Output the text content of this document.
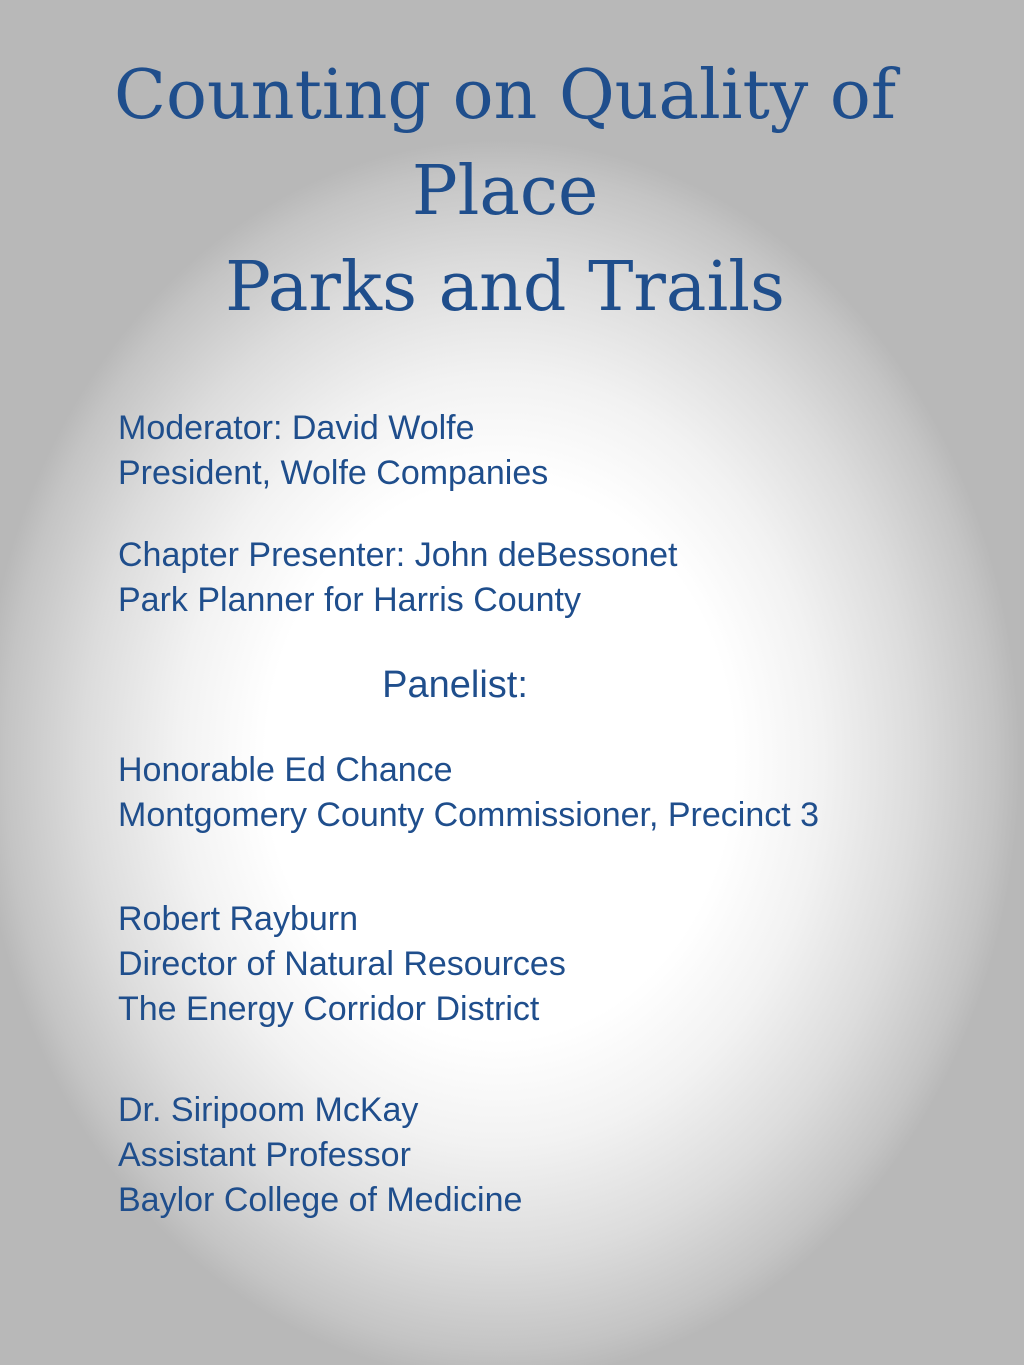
Counting on Quality of
Place
Parks and Trails
Moderator: David Wolfe
President, Wolfe Companies
Chapter Presenter: John deBessonet
Park Planner for Harris County
Panelist:
Honorable Ed Chance
Montgomery County Commissioner, Precinct 3
Robert Rayburn
Director of Natural Resources
The Energy Corridor District
Dr. Siripoom McKay
Assistant Professor
Baylor College of Medicine
